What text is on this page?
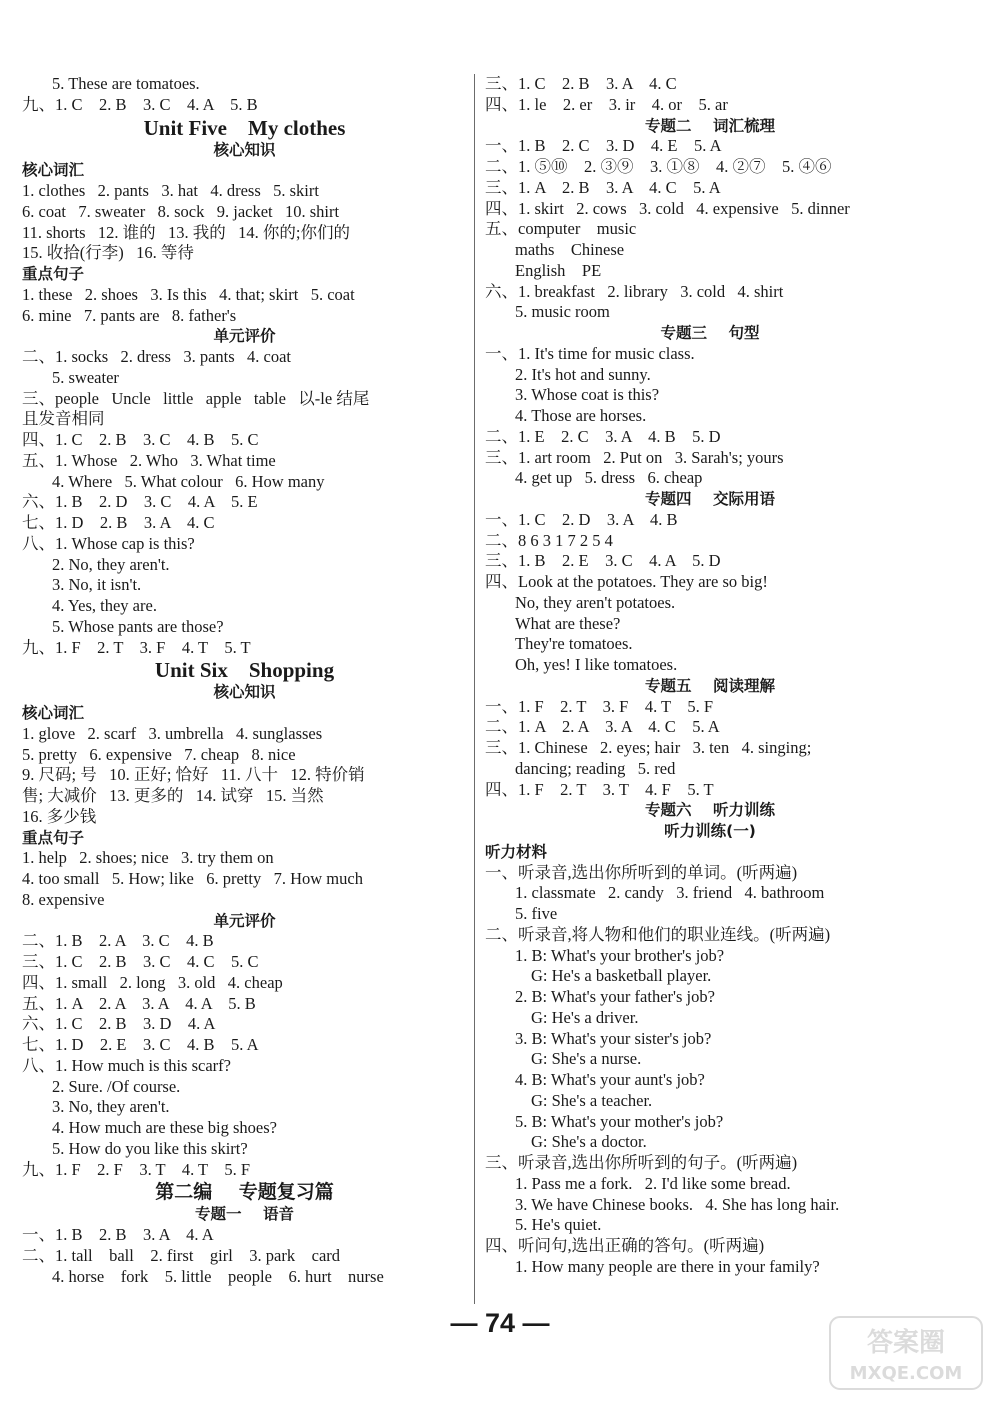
5. These are tomatoes.
九、1. C    2. B    3. C    4. A    5. B
Unit Five    My clothes
核心知识
核心词汇
1. clothes   2. pants   3. hat   4. dress   5. skirt
6. coat   7. sweater   8. sock   9. jacket   10. shirt
11. shorts   12. 谁的   13. 我的   14. 你的;你们的
15. 收拾(行李)   16. 等待
重点句子
1. these   2. shoes   3. Is this   4. that; skirt   5. coat
6. mine   7. pants are   8. father's
单元评价
二、1. socks   2. dress   3. pants   4. coat
5. sweater
三、people   Uncle   little   apple   table   以-le 结尾
且发音相同
四、1. C    2. B    3. C    4. B    5. C
五、1. Whose   2. Who   3. What time
4. Where   5. What colour   6. How many
六、1. B    2. D    3. C    4. A    5. E
七、1. D    2. B    3. A    4. C
八、1. Whose cap is this?
2. No, they aren't.
3. No, it isn't.
4. Yes, they are.
5. Whose pants are those?
九、1. F    2. T    3. F    4. T    5. T
Unit Six    Shopping
核心知识
核心词汇
1. glove   2. scarf   3. umbrella   4. sunglasses
5. pretty   6. expensive   7. cheap   8. nice
9. 尺码; 号   10. 正好; 恰好   11. 八十   12. 特价销
售; 大减价   13. 更多的   14. 试穿   15. 当然
16. 多少钱
重点句子
1. help   2. shoes; nice   3. try them on
4. too small   5. How; like   6. pretty   7. How much
8. expensive
单元评价
二、1. B    2. A    3. C    4. B
三、1. C    2. B    3. C    4. C    5. C
四、1. small   2. long   3. old   4. cheap
五、1. A    2. A    3. A    4. A    5. B
六、1. C    2. B    3. D    4. A
七、1. D    2. E    3. C    4. B    5. A
八、1. How much is this scarf?
2. Sure. /Of course.
3. No, they aren't.
4. How much are these big shoes?
5. How do you like this skirt?
九、1. F    2. F    3. T    4. T    5. F
第二编    专题复习篇
专题一    语音
一、1. B    2. B    3. A    4. A
二、1. tall    ball    2. first    girl    3. park    card
4. horse    fork    5. little    people    6. hurt    nurse
三、1. C    2. B    3. A    4. C
四、1. le    2. er    3. ir    4. or    5. ar
专题二    词汇梳理
一、1. B    2. C    3. D    4. E    5. A
二、1. ⑤⑩    2. ③⑨    3. ①⑧    4. ②⑦    5. ④⑥
三、1. A    2. B    3. A    4. C    5. A
四、1. skirt   2. cows   3. cold   4. expensive   5. dinner
五、computer    music
maths    Chinese
English    PE
六、1. breakfast   2. library   3. cold   4. shirt
5. music room
专题三    句型
一、1. It's time for music class.
2. It's hot and sunny.
3. Whose coat is this?
4. Those are horses.
二、1. E    2. C    3. A    4. B    5. D
三、1. art room   2. Put on   3. Sarah's; yours
4. get up   5. dress   6. cheap
专题四    交际用语
一、1. C    2. D    3. A    4. B
二、8 6 3 1 7 2 5 4
三、1. B    2. E    3. C    4. A    5. D
四、Look at the potatoes. They are so big!
No, they aren't potatoes.
What are these?
They're tomatoes.
Oh, yes! I like tomatoes.
专题五    阅读理解
一、1. F    2. T    3. F    4. T    5. F
二、1. A    2. A    3. A    4. C    5. A
三、1. Chinese   2. eyes; hair   3. ten   4. singing;
dancing; reading   5. red
四、1. F    2. T    3. T    4. F    5. T
专题六    听力训练
听力训练(一)
听力材料
一、听录音,选出你所听到的单词。(听两遍)
1. classmate   2. candy   3. friend   4. bathroom
5. five
二、听录音,将人物和他们的职业连线。(听两遍)
1. B: What's your brother's job?
G: He's a basketball player.
2. B: What's your father's job?
G: He's a driver.
3. B: What's your sister's job?
G: She's a nurse.
4. B: What's your aunt's job?
G: She's a teacher.
5. B: What's your mother's job?
G: She's a doctor.
三、听录音,选出你所听到的句子。(听两遍)
1. Pass me a fork.   2. I'd like some bread.
3. We have Chinese books.   4. She has long hair.
5. He's quiet.
四、听问句,选出正确的答句。(听两遍)
1. How many people are there in your family?
— 74 —
答案圈
MXQE.COM
